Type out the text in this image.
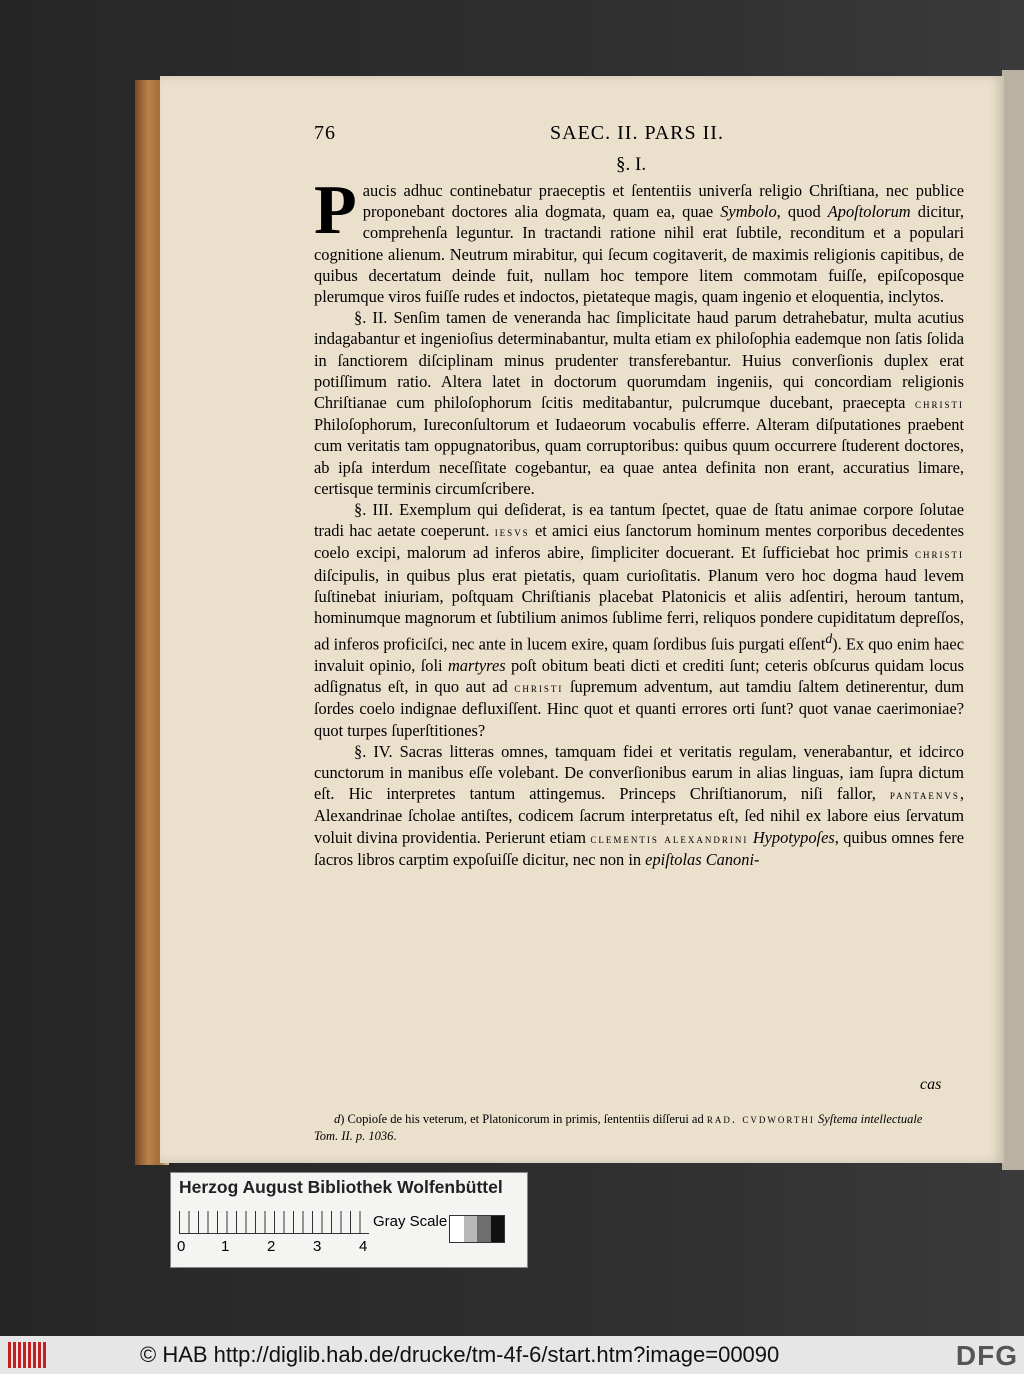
76	SAEC. II. PARS II.
§. I.

Paucis adhuc continebatur praeceptis et ſententiis univerſa religio Chriſtiana, nec publice proponebant doctores alia dogmata, quam ea, quae Symbolo, quod Apoſtolorum dicitur, comprehenſa leguntur. In tractandi ratione nihil erat ſubtile, reconditum et a populari cognitione alienum. Neutrum mirabitur, qui ſecum cogitaverit, de maximis religionis capitibus, de quibus decertatum deinde fuit, nullam hoc tempore litem commotam fuiſſe, epiſcoposque plerumque viros fuiſſe rudes et indoctos, pietateque magis, quam ingenio et eloquentia, inclytos.

§. II. Senſim tamen de veneranda hac ſimplicitate haud parum detrahebatur, multa acutius indagabantur et ingenioſius determinabantur, multa etiam ex philoſophia eademque non ſatis ſolida in ſanctiorem diſciplinam minus prudenter transferebantur. Huius converſionis duplex erat potiſſimum ratio. Altera latet in doctorum quorumdam ingeniis, qui concordiam religionis Chriſtianae cum philoſophorum ſcitis meditabantur, pulcrumque ducebant, praecepta christi Philoſophorum, Iureconſultorum et Iudaeorum vocabulis efferre. Alteram diſputationes praebent cum veritatis tam oppugnatoribus, quam corruptoribus: quibus quum occurrere ſtuderent doctores, ab ipſa interdum neceſſitate cogebantur, ea quae antea definita non erant, accuratius limare, certisque terminis circumſcribere.

§. III. Exemplum qui deſiderat, is ea tantum ſpectet, quae de ſtatu animae corpore ſolutae tradi hac aetate coeperunt. iesvs et amici eius ſanctorum hominum mentes corporibus decedentes coelo excipi, malorum ad inferos abire, ſimpliciter docuerant. Et ſufficiebat hoc primis christi diſcipulis, in quibus plus erat pietatis, quam curioſitatis. Planum vero hoc dogma haud levem ſuſtinebat iniuriam, poſtquam Chriſtianis placebat Platonicis et aliis adſentiri, heroum tantum, hominumque magnorum et ſubtilium animos ſublime ferri, reliquos pondere cupiditatum depreſſos, ad inferos proficiſci, nec ante in lucem exire, quam ſordibus ſuis purgati eſſent$^d$). Ex quo enim haec invaluit opinio, ſoli martyres poſt obitum beati dicti et crediti ſunt; ceteris obſcurus quidam locus adſignatus eſt, in quo aut ad christi ſupremum adventum, aut tamdiu ſaltem detinerentur, dum ſordes coelo indignae defluxiſſent. Hinc quot et quanti errores orti ſunt? quot vanae caerimoniae? quot turpes ſuperſtitiones?

§. IV. Sacras litteras omnes, tamquam fidei et veritatis regulam, venerabantur, et idcirco cunctorum in manibus eſſe volebant. De converſionibus earum in alias linguas, iam ſupra dictum eſt. Hic interpretes tantum attingemus. Princeps Chriſtianorum, niſi fallor, pantaenvs, Alexandrinae ſcholae antiſtes, codicem ſacrum interpretatus eſt, ſed nihil ex labore eius ſervatum voluit divina providentia. Perierunt etiam clementis alexandrini Hypotypoſes, quibus omnes fere ſacros libros carptim expoſuiſſe dicitur, nec non in epiſtolas Canoni-

cas
d) Copioſe de his veterum, et Platonicorum in primis, ſententiis diſſerui ad rad. cvdworthi Syſtema intellectuale Tom. II. p. 1036.
Herzog August Bibliothek Wolfenbüttel
0 1	2	3	4
Gray Scale
© HAB http://diglib.hab.de/drucke/tm-4f-6/start.htm?image=00090	DFG
